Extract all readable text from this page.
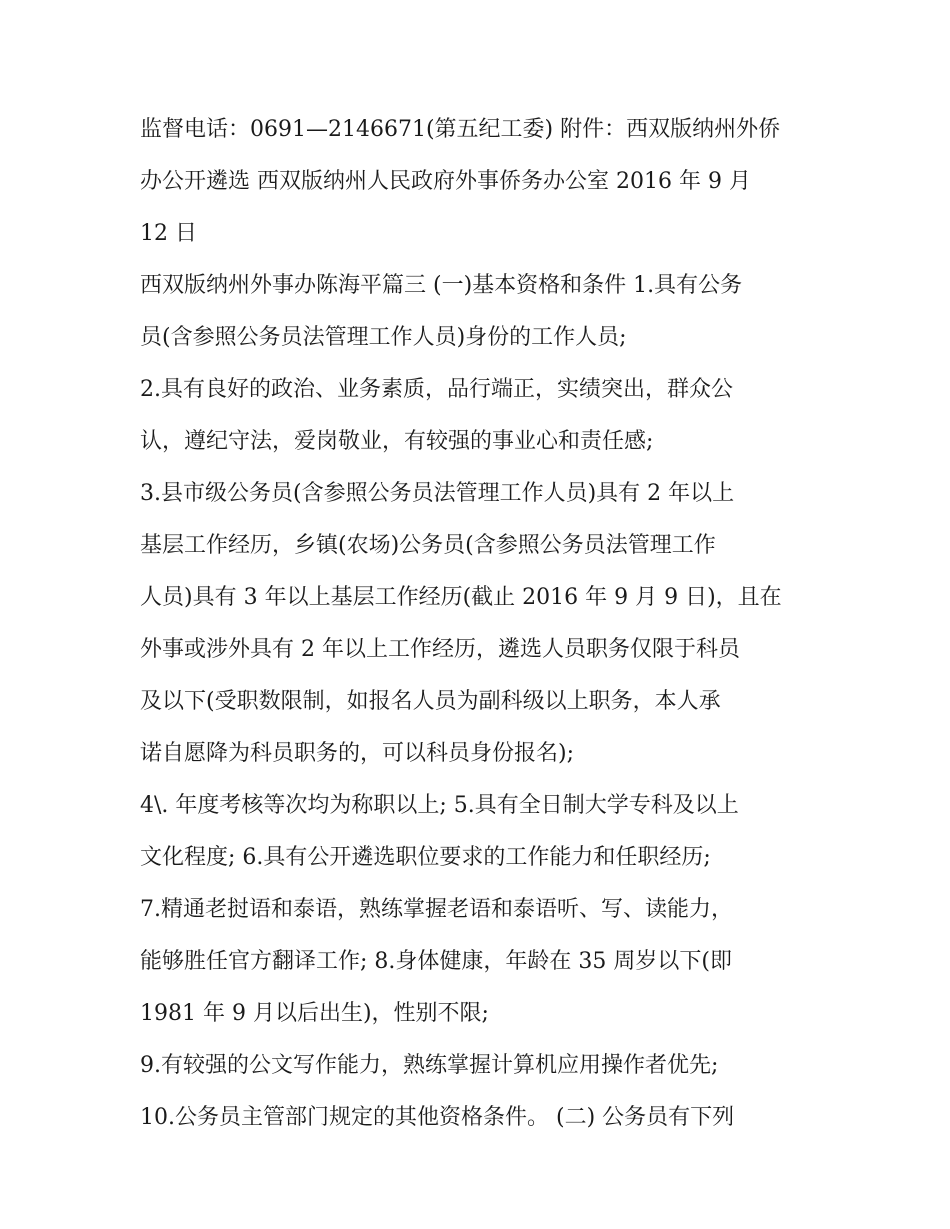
监督电话：0691—2146671(第五纪工委) 附件：西双版纳州外侨
办公开遴选 西双版纳州人民政府外事侨务办公室 2016 年 9 月
12 日
西双版纳州外事办陈海平篇三 (一)基本资格和条件 1.具有公务
员(含参照公务员法管理工作人员)身份的工作人员;
2.具有良好的政治、业务素质，品行端正，实绩突出，群众公
认，遵纪守法，爱岗敬业，有较强的事业心和责任感;
3.县市级公务员(含参照公务员法管理工作人员)具有 2 年以上
基层工作经历，乡镇(农场)公务员(含参照公务员法管理工作
人员)具有 3 年以上基层工作经历(截止 2016 年 9 月 9 日)，且在
外事或涉外具有 2 年以上工作经历，遴选人员职务仅限于科员
及以下(受职数限制，如报名人员为副科级以上职务，本人承
诺自愿降为科员职务的，可以科员身份报名);
4\. 年度考核等次均为称职以上; 5.具有全日制大学专科及以上
文化程度; 6.具有公开遴选职位要求的工作能力和任职经历;
7.精通老挝语和泰语，熟练掌握老语和泰语听、写、读能力，
能够胜任官方翻译工作; 8.身体健康，年龄在 35 周岁以下(即
1981 年 9 月以后出生)，性别不限;
9.有较强的公文写作能力，熟练掌握计算机应用操作者优先;
10.公务员主管部门规定的其他资格条件。 (二) 公务员有下列
